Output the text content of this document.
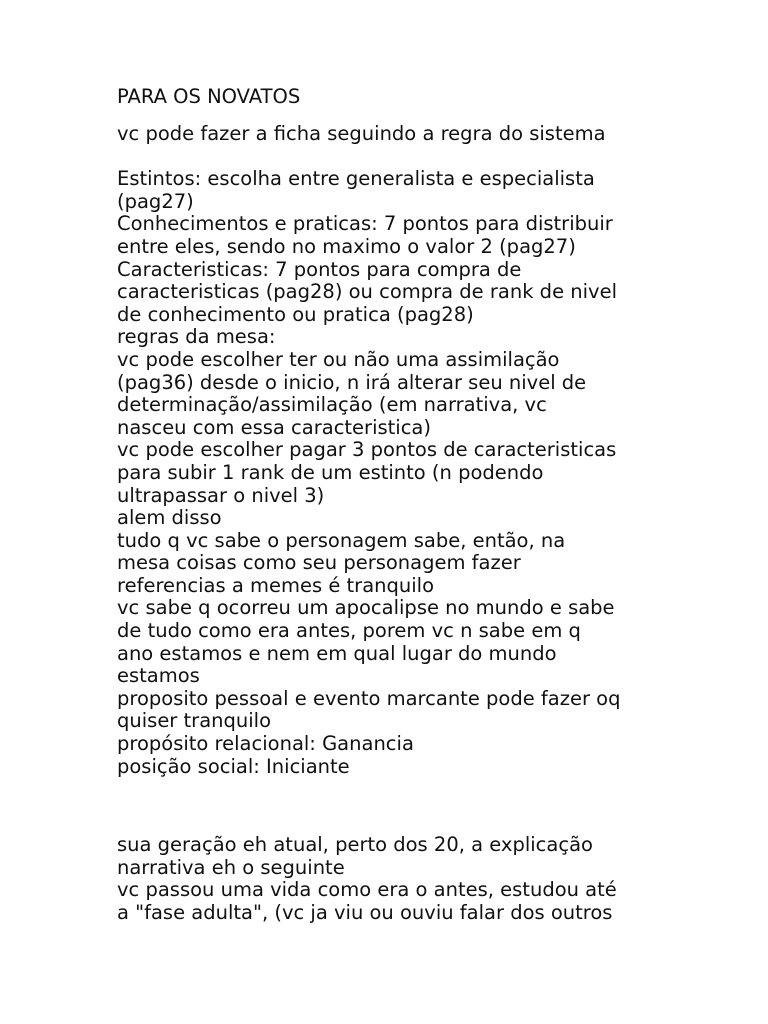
PARA OS NOVATOS
vc pode fazer a ficha seguindo a regra do sistema
Estintos: escolha entre generalista e especialista
(pag27)
Conhecimentos e praticas: 7 pontos para distribuir
entre eles, sendo no maximo o valor 2 (pag27)
Caracteristicas: 7 pontos para compra de
caracteristicas (pag28) ou compra de rank de nivel
de conhecimento ou pratica (pag28)
regras da mesa:
vc pode escolher ter ou não uma assimilação
(pag36) desde o inicio, n irá alterar seu nivel de
determinação/assimilação (em narrativa, vc
nasceu com essa caracteristica)
vc pode escolher pagar 3 pontos de caracteristicas
para subir 1 rank de um estinto (n podendo
ultrapassar o nivel 3)
alem disso
tudo q vc sabe o personagem sabe, então, na
mesa coisas como seu personagem fazer
referencias a memes é tranquilo
vc sabe q ocorreu um apocalipse no mundo e sabe
de tudo como era antes, porem vc n sabe em q
ano estamos e nem em qual lugar do mundo
estamos
proposito pessoal e evento marcante pode fazer oq
quiser tranquilo
propósito relacional: Ganancia
posição social: Iniciante
sua geração eh atual, perto dos 20, a explicação
narrativa eh o seguinte
vc passou uma vida como era o antes, estudou até
a "fase adulta", (vc ja viu ou ouviu falar dos outros
